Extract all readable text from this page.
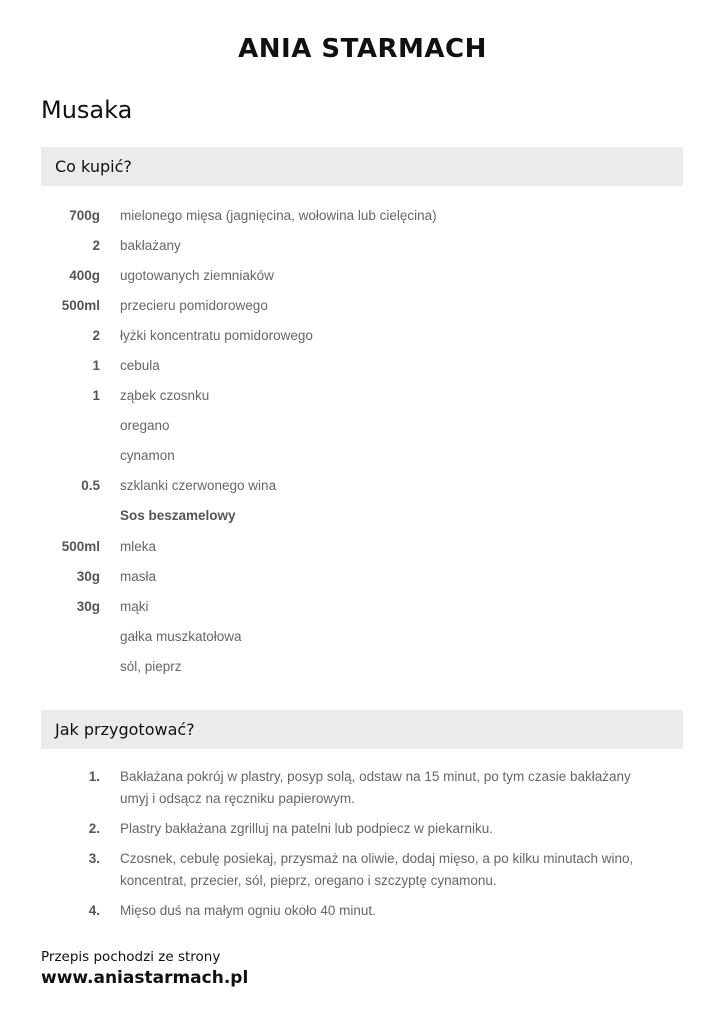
ANIA STARMACH
Musaka
Co kupić?
700g mielonego mięsa (jagnięcina, wołowina lub cielęcina)
2 bakłażany
400g ugotowanych ziemniaków
500ml przecieru pomidorowego
2 łyżki koncentratu pomidorowego
1 cebula
1 ząbek czosnku
oregano
cynamon
0.5 szklanki czerwonego wina
Sos beszamelowy
500ml mleka
30g masła
30g mąki
gałka muszkatołowa
sól, pieprz
Jak przygotować?
1. Bakłażana pokrój w plastry, posyp solą, odstaw na 15 minut, po tym czasie bakłażany umyj i odsącz na ręczniku papierowym.
2. Plastry bakłażana zgrilluj na patelni lub podpiecz w piekarniku.
3. Czosnek, cebulę posiekaj, przysmaż na oliwie, dodaj mięso, a po kilku minutach wino, koncentrat, przecier, sól, pieprz, oregano i szczyptę cynamonu.
4. Mięso duś na małym ogniu około 40 minut.
Przepis pochodzi ze strony
www.aniastarmach.pl
